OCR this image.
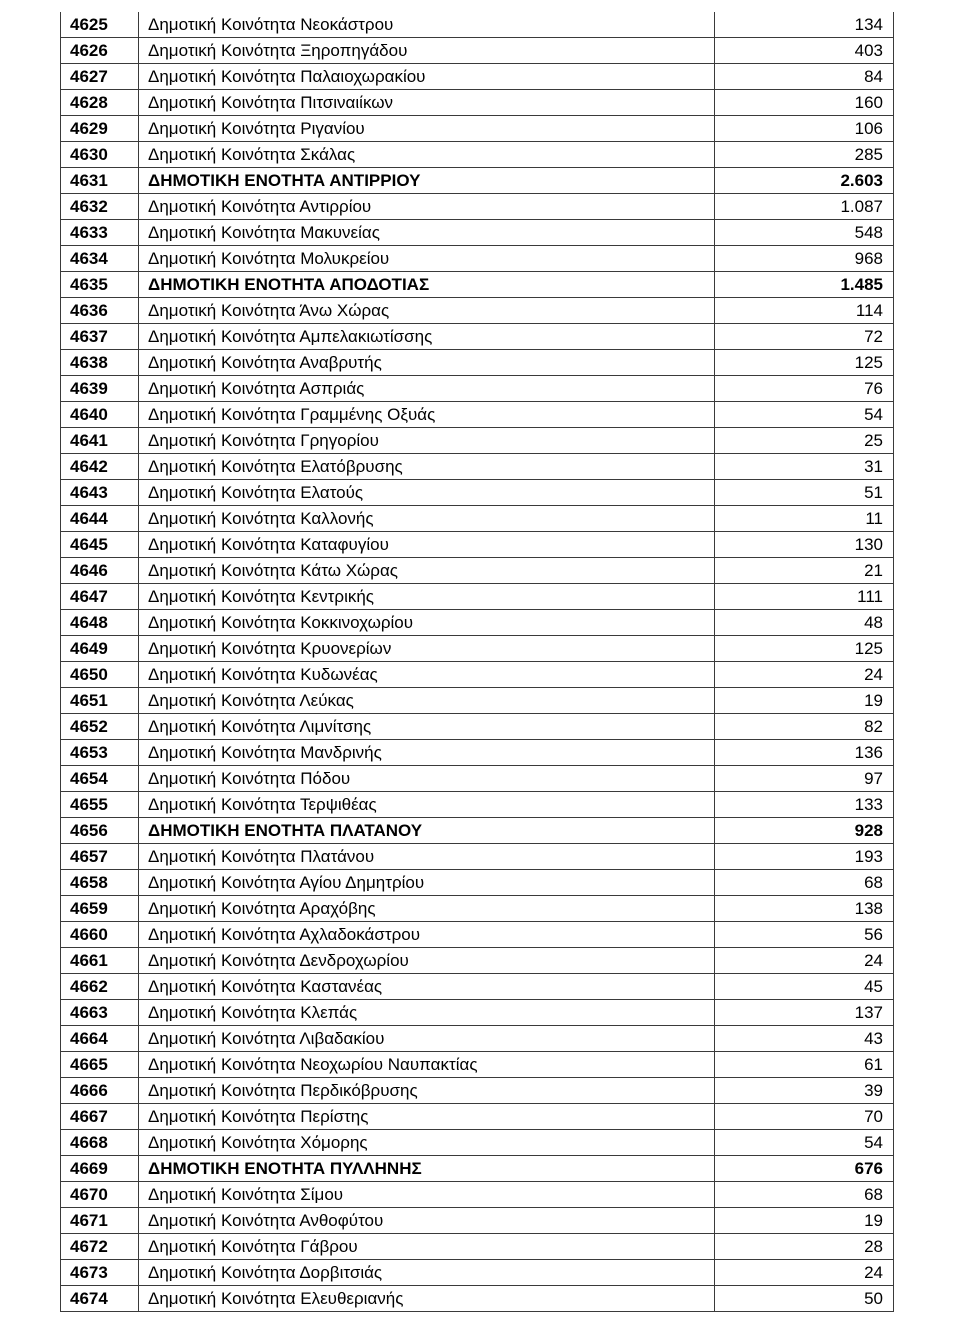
4625	Δημοτική Κοινότητα Νεοκάστρου	134
4626	Δημοτική Κοινότητα Ξηροπηγάδου	403
4627	Δημοτική Κοινότητα Παλαιοχωρακίου	84
4628	Δημοτική Κοινότητα Πιτσιναιίκων	160
4629	Δημοτική Κοινότητα Ριγανίου	106
4630	Δημοτική Κοινότητα Σκάλας	285
4631	ΔΗΜΟΤΙΚΗ ΕΝΟΤΗΤΑ ΑΝΤΙΡΡΙΟΥ	2.603
4632	Δημοτική Κοινότητα Αντιρρίου	1.087
4633	Δημοτική Κοινότητα Μακυνείας	548
4634	Δημοτική Κοινότητα Μολυκρείου	968
4635	ΔΗΜΟΤΙΚΗ ΕΝΟΤΗΤΑ ΑΠΟΔΟΤΙΑΣ	1.485
4636	Δημοτική Κοινότητα Άνω Χώρας	114
4637	Δημοτική Κοινότητα Αμπελακιωτίσσης	72
4638	Δημοτική Κοινότητα Αναβρυτής	125
4639	Δημοτική Κοινότητα Ασπριάς	76
4640	Δημοτική Κοινότητα Γραμμένης Οξυάς	54
4641	Δημοτική Κοινότητα Γρηγορίου	25
4642	Δημοτική Κοινότητα Ελατόβρυσης	31
4643	Δημοτική Κοινότητα Ελατούς	51
4644	Δημοτική Κοινότητα Καλλονής	11
4645	Δημοτική Κοινότητα Καταφυγίου	130
4646	Δημοτική Κοινότητα Κάτω Χώρας	21
4647	Δημοτική Κοινότητα Κεντρικής	111
4648	Δημοτική Κοινότητα Κοκκινοχωρίου	48
4649	Δημοτική Κοινότητα Κρυονερίων	125
4650	Δημοτική Κοινότητα Κυδωνέας	24
4651	Δημοτική Κοινότητα Λεύκας	19
4652	Δημοτική Κοινότητα Λιμνίτσης	82
4653	Δημοτική Κοινότητα Μανδρινής	136
4654	Δημοτική Κοινότητα Πόδου	97
4655	Δημοτική Κοινότητα Τερψιθέας	133
4656	ΔΗΜΟΤΙΚΗ ΕΝΟΤΗΤΑ ΠΛΑΤΑΝΟΥ	928
4657	Δημοτική Κοινότητα Πλατάνου	193
4658	Δημοτική Κοινότητα Αγίου Δημητρίου	68
4659	Δημοτική Κοινότητα Αραχόβης	138
4660	Δημοτική Κοινότητα Αχλαδοκάστρου	56
4661	Δημοτική Κοινότητα Δενδροχωρίου	24
4662	Δημοτική Κοινότητα Καστανέας	45
4663	Δημοτική Κοινότητα Κλεπάς	137
4664	Δημοτική Κοινότητα Λιβαδακίου	43
4665	Δημοτική Κοινότητα Νεοχωρίου Ναυπακτίας	61
4666	Δημοτική Κοινότητα Περδικόβρυσης	39
4667	Δημοτική Κοινότητα Περίστης	70
4668	Δημοτική Κοινότητα Χόμορης	54
4669	ΔΗΜΟΤΙΚΗ ΕΝΟΤΗΤΑ ΠΥΛΛΗΝΗΣ	676
4670	Δημοτική Κοινότητα Σίμου	68
4671	Δημοτική Κοινότητα Ανθοφύτου	19
4672	Δημοτική Κοινότητα Γάβρου	28
4673	Δημοτική Κοινότητα Δορβιτσιάς	24
4674	Δημοτική Κοινότητα Ελευθεριανής	50
